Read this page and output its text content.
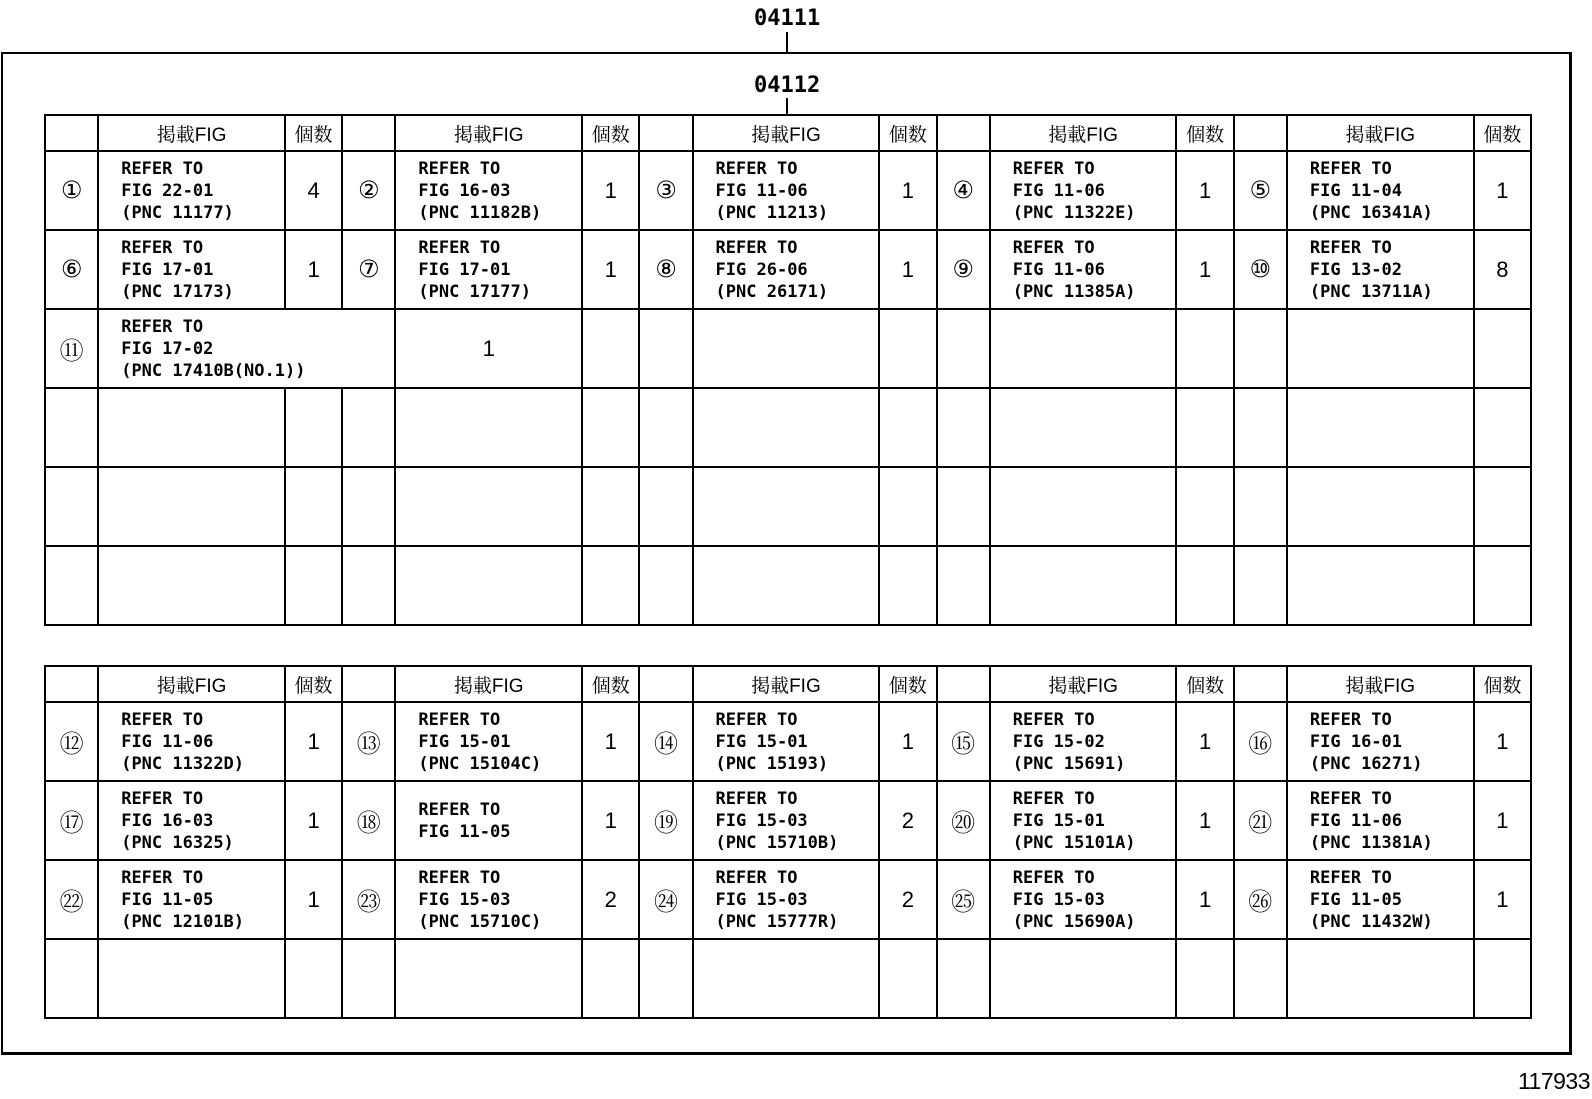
04111
04112
	掲載FIG	個数		掲載FIG	個数		掲載FIG	個数		掲載FIG	個数		掲載FIG	個数
①	REFER TO
FIG 22-01
(PNC 11177)	4	②	REFER TO
FIG 16-03
(PNC 11182B)	1	③	REFER TO
FIG 11-06
(PNC 11213)	1	④	REFER TO
FIG 11-06
(PNC 11322E)	1	⑤	REFER TO
FIG 11-04
(PNC 16341A)	1
⑥	REFER TO
FIG 17-01
(PNC 17173)	1	⑦	REFER TO
FIG 17-01
(PNC 17177)	1	⑧	REFER TO
FIG 26-06
(PNC 26171)	1	⑨	REFER TO
FIG 11-06
(PNC 11385A)	1	⑩	REFER TO
FIG 13-02
(PNC 13711A)	8
⑪	REFER TO
FIG 17-02
(PNC 17410B(NO.1))			1										

	掲載FIG	個数		掲載FIG	個数		掲載FIG	個数		掲載FIG	個数		掲載FIG	個数
⑫	REFER TO
FIG 11-06
(PNC 11322D)	1	⑬	REFER TO
FIG 15-01
(PNC 15104C)	1	⑭	REFER TO
FIG 15-01
(PNC 15193)	1	⑮	REFER TO
FIG 15-02
(PNC 15691)	1	⑯	REFER TO
FIG 16-01
(PNC 16271)	1
⑰	REFER TO
FIG 16-03
(PNC 16325)	1	⑱	REFER TO
FIG 11-05	1	⑲	REFER TO
FIG 15-03
(PNC 15710B)	2	⑳	REFER TO
FIG 15-01
(PNC 15101A)	1	㉑	REFER TO
FIG 11-06
(PNC 11381A)	1
㉒	REFER TO
FIG 11-05
(PNC 12101B)	1	㉓	REFER TO
FIG 15-03
(PNC 15710C)	2	㉔	REFER TO
FIG 15-03
(PNC 15777R)	2	㉕	REFER TO
FIG 15-03
(PNC 15690A)	1	㉖	REFER TO
FIG 11-05
(PNC 11432W)	1

117933
